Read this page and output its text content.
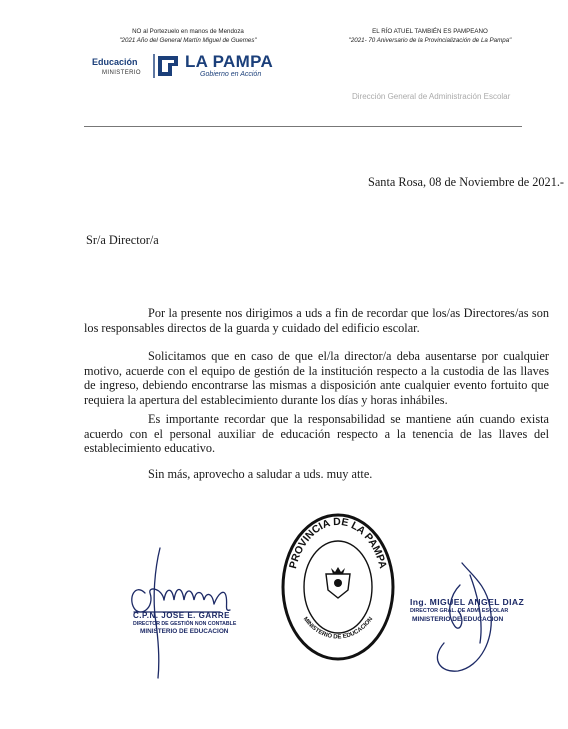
NO al Portezuelo en manos de Mendoza
"2021 Año del General Martín Miguel de Guemes"
EL RÍO ATUEL TAMBIÉN ES PAMPEANO
"2021- 70 Aniversario de la Provincialización de La Pampa"
Educación
MINISTERIO
LA PAMPA
Gobierno en Acción
Dirección General de Administración Escolar
Santa Rosa, 08 de Noviembre de 2021.-
Sr/a Director/a

Por la presente nos dirigimos a uds a fin de recordar que los/as Directores/as son los responsables directos de la guarda y cuidado del edificio escolar.

Solicitamos que en caso de que el/la director/a deba ausentarse por cualquier motivo, acuerde con el equipo de gestión de la institución respecto a la custodia de las llaves de ingreso, debiendo encontrarse las mismas a disposición ante cualquier evento fortuito que requiera la apertura del establecimiento durante los días y horas inhábiles.

Es importante recordar que la responsabilidad se mantiene aún cuando exista acuerdo con el personal auxiliar de educación respecto a la tenencia de las llaves del establecimiento educativo.

Sin más, aprovecho a saludar a uds. muy atte.
C.P.N. JOSE E. GARRE
DIRECTOR DE GESTIÓN NON CONTABLE
MINISTERIO DE EDUCACION
PROVINCIA DE LA PAMPA
MINISTERIO DE EDUCACION
Ing. MIGUEL ANGEL DIAZ
DIRECTOR GRAL. DE ADM. ESCOLAR
MINISTERIO DE EDUCACION
